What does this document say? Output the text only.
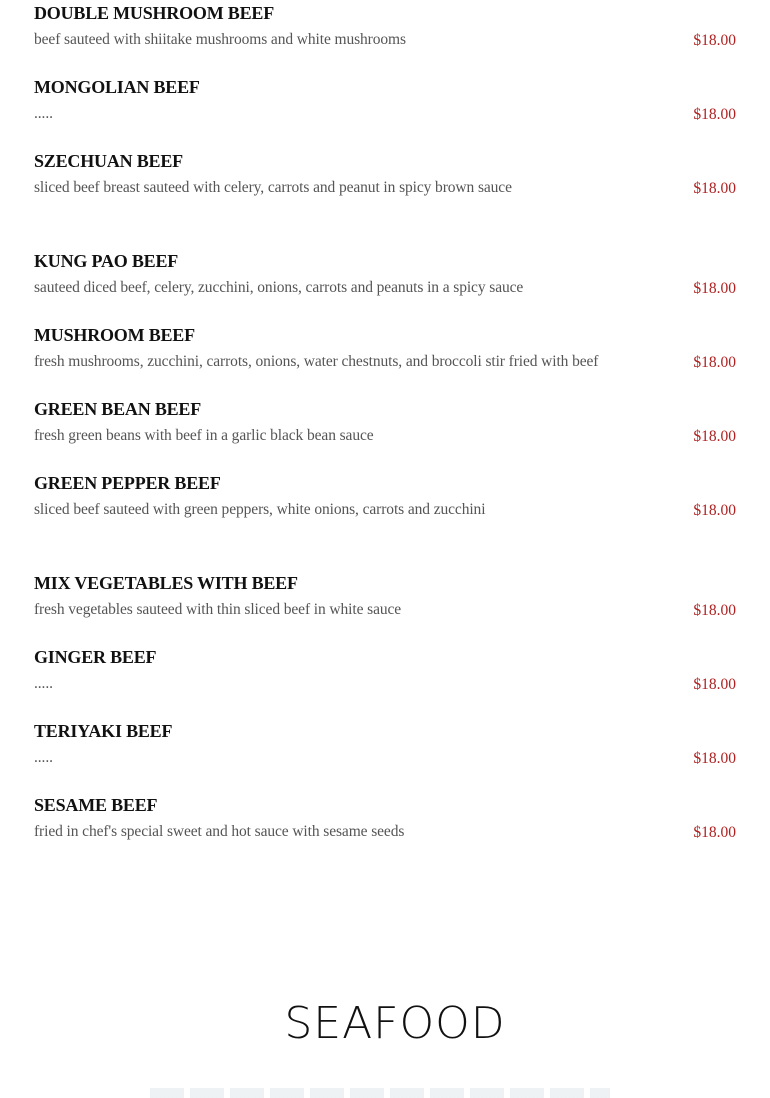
DOUBLE MUSHROOM BEEF
beef sauteed with shiitake mushrooms and white mushrooms	$18.00
MONGOLIAN BEEF
.....	$18.00
SZECHUAN BEEF
sliced beef breast sauteed with celery, carrots and peanut in spicy brown sauce	$18.00
KUNG PAO BEEF
sauteed diced beef, celery, zucchini, onions, carrots and peanuts in a spicy sauce	$18.00
MUSHROOM BEEF
fresh mushrooms, zucchini, carrots, onions, water chestnuts, and broccoli stir fried with beef	$18.00
GREEN BEAN BEEF
fresh green beans with beef in a garlic black bean sauce	$18.00
GREEN PEPPER BEEF
sliced beef sauteed with green peppers, white onions, carrots and zucchini	$18.00
MIX VEGETABLES WITH BEEF
fresh vegetables sauteed with thin sliced beef in white sauce	$18.00
GINGER BEEF
.....	$18.00
TERIYAKI BEEF
.....	$18.00
SESAME BEEF
fried in chef's special sweet and hot sauce with sesame seeds	$18.00
SEAFOOD
